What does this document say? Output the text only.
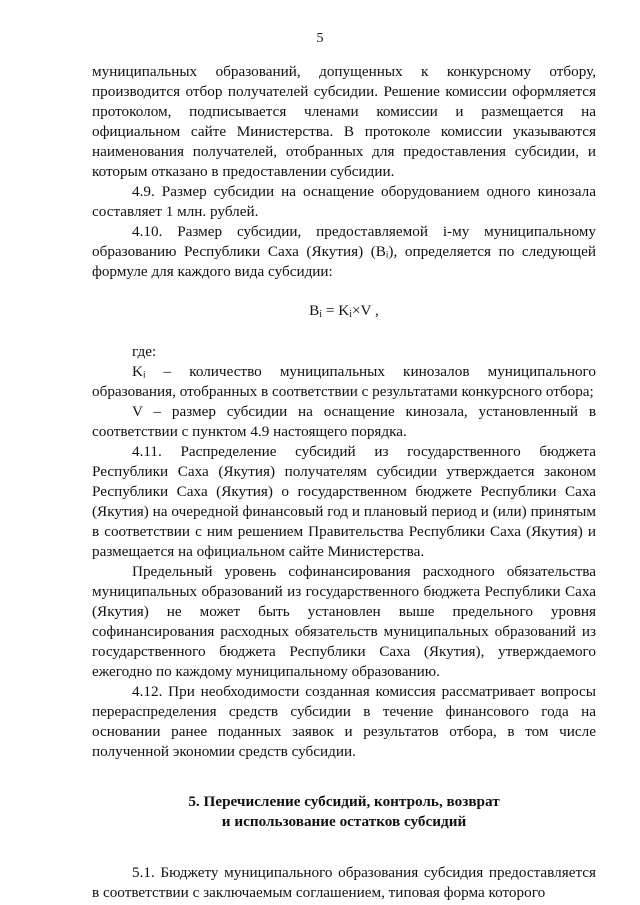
5

муниципальных образований, допущенных к конкурсному отбору, производится отбор получателей субсидии. Решение комиссии оформляется протоколом, подписывается членами комиссии и размещается на официальном сайте Министерства. В протоколе комиссии указываются наименования получателей, отобранных для предоставления субсидии, и которым отказано в предоставлении субсидии.

4.9. Размер субсидии на оснащение оборудованием одного кинозала составляет 1 млн. рублей.

4.10. Размер субсидии, предоставляемой i-му муниципальному образованию Республики Саха (Якутия) (Bᵢ), определяется по следующей формуле для каждого вида субсидии:

$B_i = K_i\times V$ ,

где:

Kᵢ – количество муниципальных кинозалов муниципального образования, отобранных в соответствии с результатами конкурсного отбора;

V – размер субсидии на оснащение кинозала, установленный в соответствии с пунктом 4.9 настоящего порядка.

4.11. Распределение субсидий из государственного бюджета Республики Саха (Якутия) получателям субсидии утверждается законом Республики Саха (Якутия) о государственном бюджете Республики Саха (Якутия) на очередной финансовый год и плановый период и (или) принятым в соответствии с ним решением Правительства Республики Саха (Якутия) и размещается на официальном сайте Министерства.

Предельный уровень софинансирования расходного обязательства муниципальных образований из государственного бюджета Республики Саха (Якутия) не может быть установлен выше предельного уровня софинансирования расходных обязательств муниципальных образований из государственного бюджета Республики Саха (Якутия), утверждаемого ежегодно по каждому муниципальному образованию.

4.12. При необходимости созданная комиссия рассматривает вопросы перераспределения средств субсидии в течение финансового года на основании ранее поданных заявок и результатов отбора, в том числе полученной экономии средств субсидии.

5. Перечисление субсидий, контроль, возврат
и использование остатков субсидий

5.1. Бюджету муниципального образования субсидия предоставляется в соответствии с заключаемым соглашением, типовая форма которого
